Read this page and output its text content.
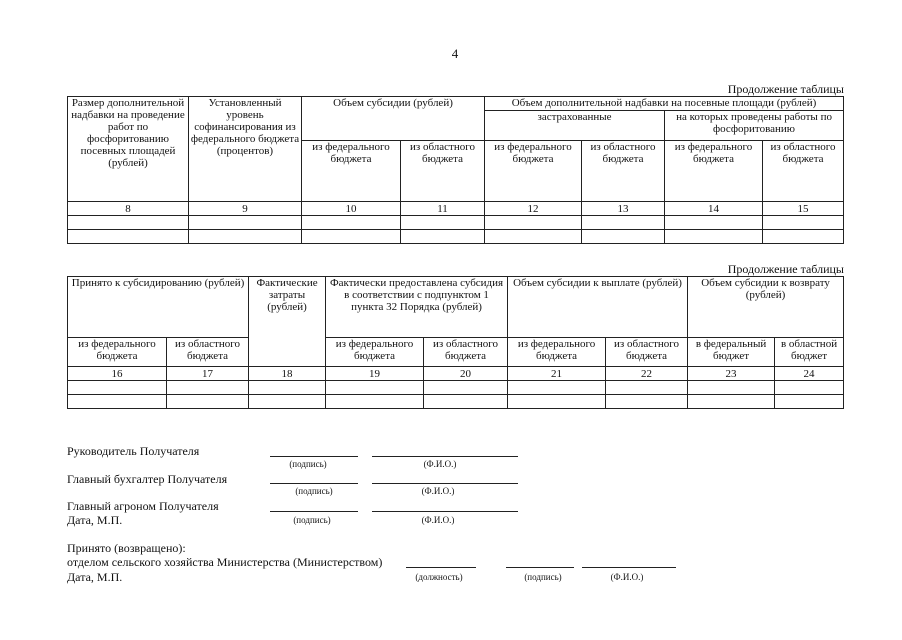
4
Продолжение таблицы
Размер дополнительной надбавки на проведение работ по фосфоритованию посевных площадей (рублей)	Установленный уровень софинансирования из федерального бюджета (процентов)	Объем субсидии (рублей)		Объем дополнительной надбавки на посевные площади (рублей)			
				застрахованные		на которых проведены работы по фосфоритованию	
		из федерального бюджета	из областного бюджета	из федерального бюджета	из областного бюджета	из федерального бюджета	из областного бюджета
8	9	10	11	12	13	14	15

Продолжение таблицы
Принято к субсидированию (рублей)		Фактические затраты (рублей)	Фактически предоставлена субсидия в соответствии с подпунктом 1 пункта 32 Порядка (рублей)		Объем субсидии к выплате (рублей)		Объем субсидии к возврату (рублей)	
из федерального бюджета	из областного бюджета		из федерального бюджета	из областного бюджета	из федерального бюджета	из областного бюджета	в федеральный бюджет	в областной бюджет
16	17	18	19	20	21	22	23	24

Руководитель Получателя
(подпись)	(Ф.И.О.)
Главный бухгалтер Получателя
(подпись)	(Ф.И.О.)
Главный агроном Получателя
Дата, М.П.	(подпись)	(Ф.И.О.)
Принято (возвращено):
отделом сельского хозяйства Министерства (Министерством)
Дата, М.П.	(должность)	(подпись)	(Ф.И.О.)
